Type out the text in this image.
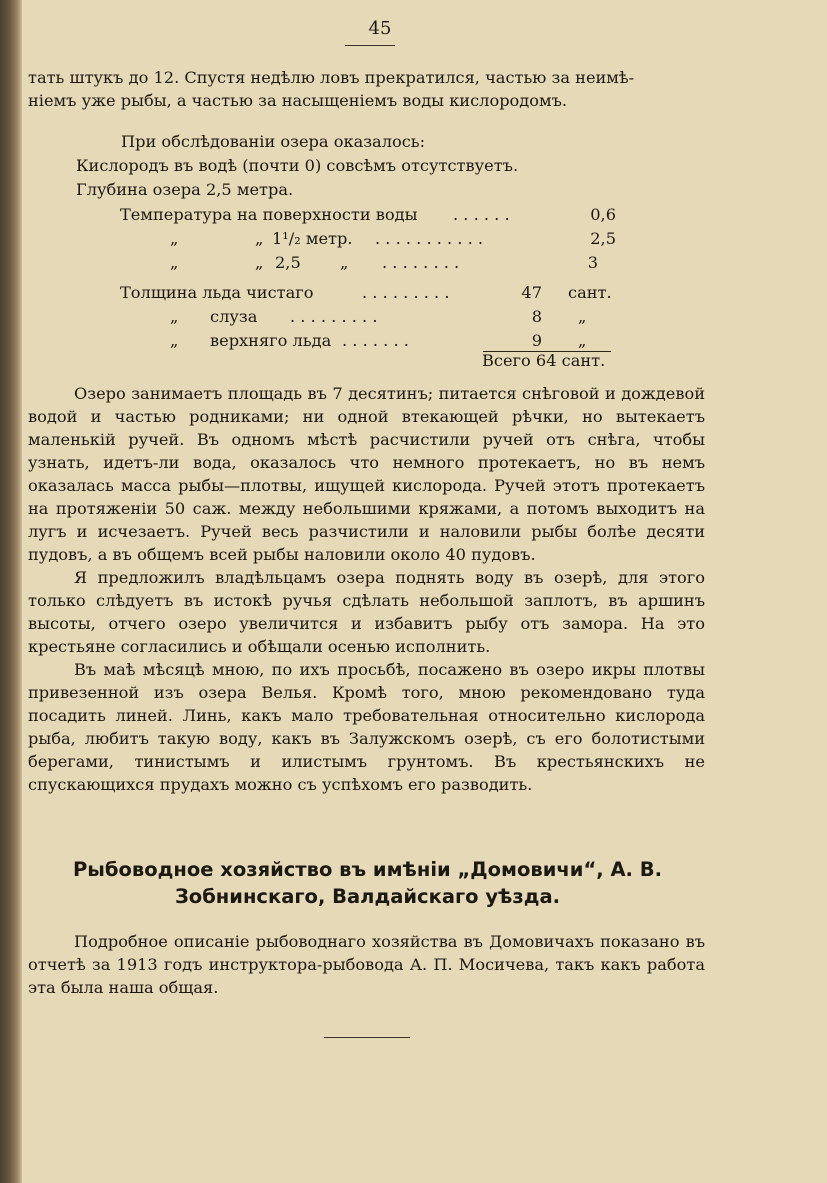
45

тать штукъ до 12. Спустя недѣлю ловъ прекратился, частью за неимѣ-

ніемъ уже рыбы, а частью за насыщеніемъ воды кислородомъ.

При обслѣдованіи озера оказалось:
Кислородъ въ водѣ (почти 0) совсѣмъ отсутствуетъ.
Глубина озера 2,5 метра.
Температура на поверхности воды . . . . . .	0,6
„	„ 1¹/₂ метр. . . . . . . . . . . .	2,5
„	„ 2,5 „ . . . . . . . .	3
Толщина льда чистаго	. . . . . . . . .	47 сант.
„ слуза . . . . . . . . .	8 „
„ верхняго льда . . . . . . .	9 „
Всего 64 сант.

Озеро занимаетъ площадь въ 7 десятинъ; питается снѣговой и дождевой водой и частью родниками; ни одной втекающей рѣчки, но вытекаетъ маленькій ручей. Въ одномъ мѣстѣ расчистили ручей отъ снѣга, чтобы узнать, идетъ-ли вода, оказалось что немного протекаетъ, но въ немъ оказалась масса рыбы—плотвы, ищущей кислорода. Ручей этотъ протекаетъ на протяженіи 50 саж. между небольшими кряжами, а потомъ выходитъ на лугъ и исчезаетъ. Ручей весь разчистили и наловили рыбы болѣе десяти пудовъ, а въ общемъ всей рыбы наловили около 40 пудовъ.

Я предложилъ владѣльцамъ озера поднять воду въ озерѣ, для этого только слѣдуетъ въ истокѣ ручья сдѣлать небольшой заплотъ, въ аршинъ высоты, отчего озеро увеличится и избавитъ рыбу отъ замора. На это крестьяне согласились и обѣщали осенью исполнить.

Въ маѣ мѣсяцѣ мною, по ихъ просьбѣ, посажено въ озеро икры плотвы привезенной изъ озера Велья. Кромѣ того, мною рекомендовано туда посадить линей. Линь, какъ мало требовательная относительно кислорода рыба, любитъ такую воду, какъ въ Залужскомъ озерѣ, съ его болотистыми берегами, тинистымъ и илистымъ грунтомъ. Въ крестьянскихъ не спускающихся прудахъ можно съ успѣхомъ его разводить.

Рыбоводное хозяйство въ имѣніи „Домовичи“, А. В. Зобнинскаго, Валдайскаго уѣзда.

Подробное описаніе рыбоводнаго хозяйства въ Домовичахъ показано въ отчетѣ за 1913 годъ инструктора-рыбовода А. П. Мосичева, такъ какъ работа эта была наша общая.
